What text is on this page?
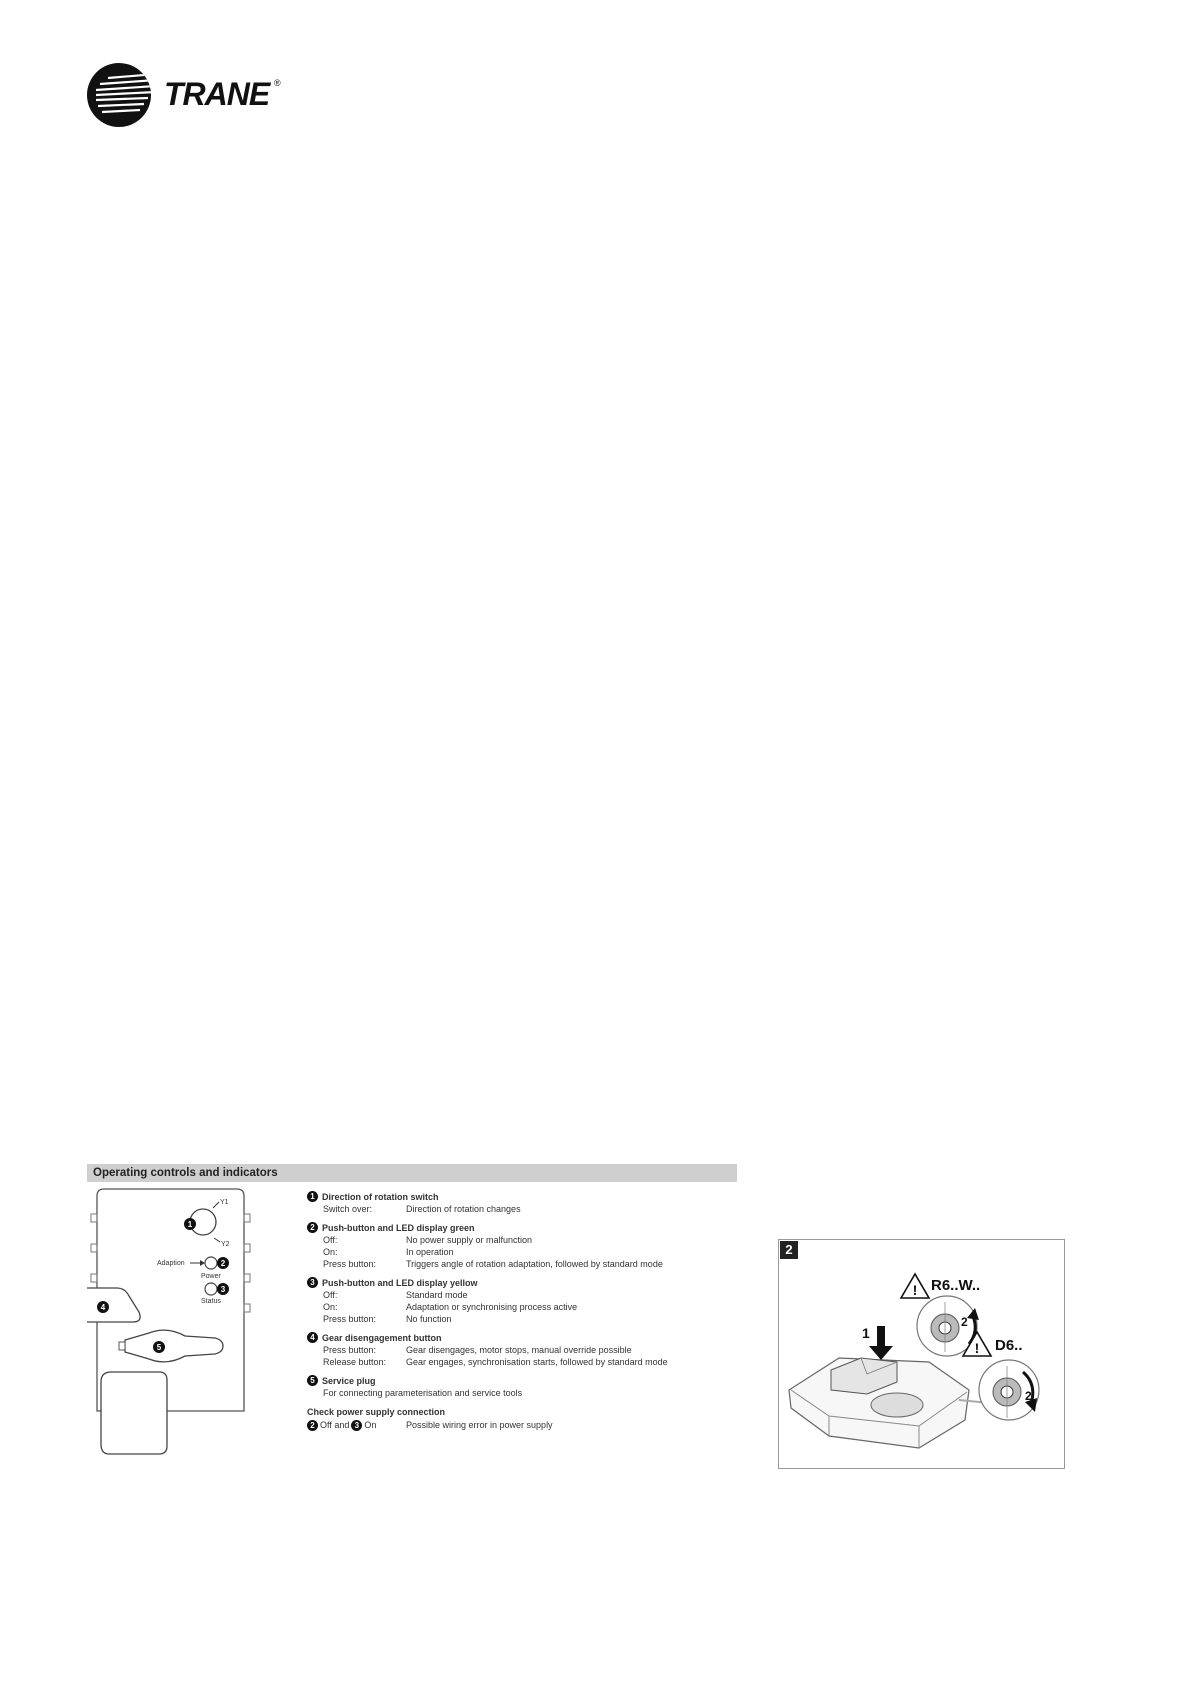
TRANE ®
Operating controls and indicators
1
Y1
Y2
Adaption	2
Power
3
Status
4
5
1 Direction of rotation switch
Switch over:	Direction of rotation changes
2 Push-button and LED display green
Off:	No power supply or malfunction
On:	In operation
Press button:	Triggers angle of rotation adaptation, followed by standard mode
3 Push-button and LED display yellow
Off:	Standard mode
On:	Adaptation or synchronising process active
Press button:	No function
4 Gear disengagement button
Press button:	Gear disengages, motor stops, manual override possible
Release button:	Gear engages, synchronisation starts, followed by standard mode
5 Service plug
For connecting parameterisation and service tools
Check power supply connection
2 Off and 3 On	Possible wiring error in power supply
1
! R6..W..
2
! D6..
2
2
